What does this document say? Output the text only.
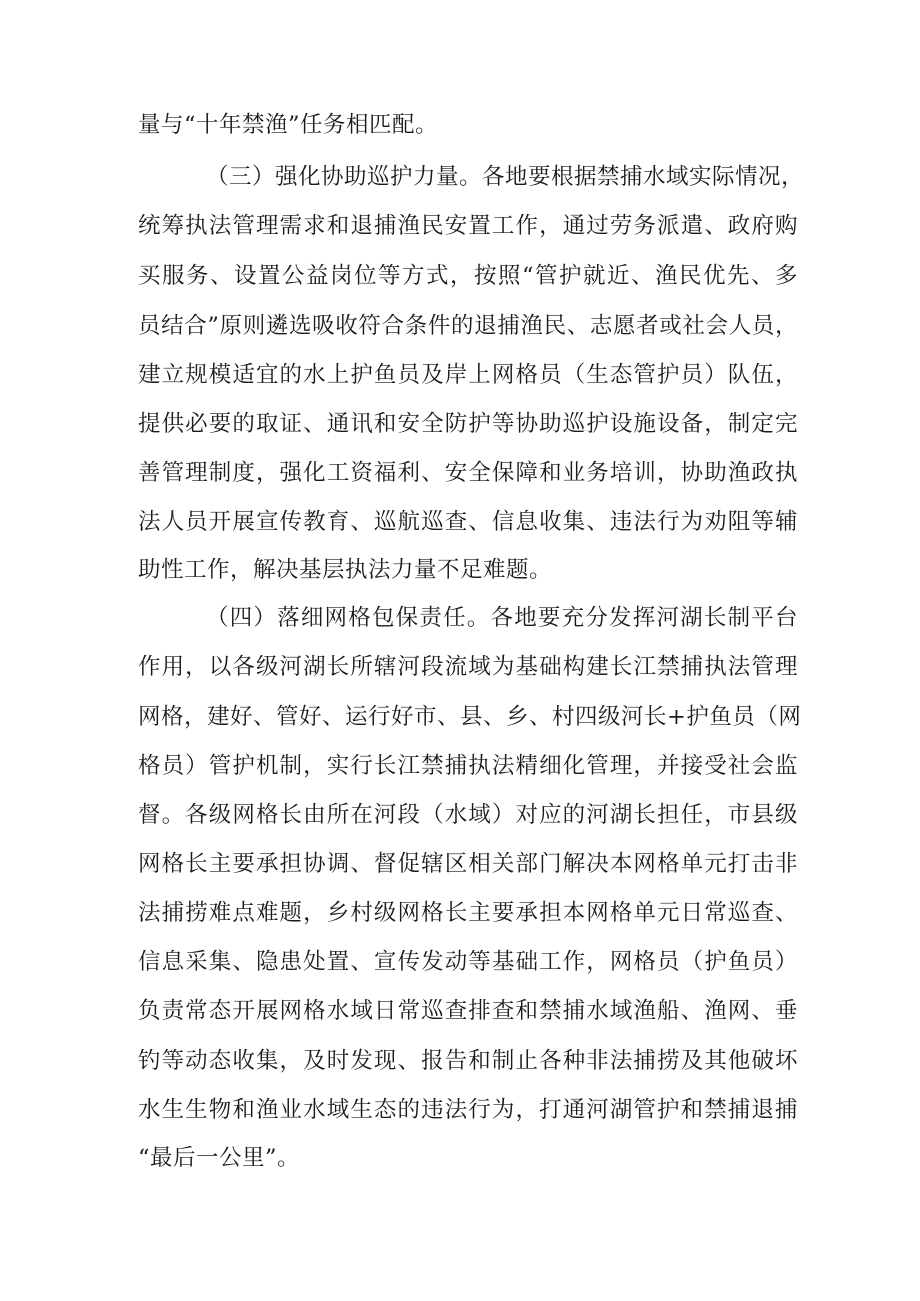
量与“十年禁渔”任务相匹配。
（三）强化协助巡护力量。各地要根据禁捕水域实际情况，
统筹执法管理需求和退捕渔民安置工作，通过劳务派遣、政府购
买服务、设置公益岗位等方式，按照“管护就近、渔民优先、多
员结合”原则遴选吸收符合条件的退捕渔民、志愿者或社会人员，
建立规模适宜的水上护鱼员及岸上网格员（生态管护员）队伍，
提供必要的取证、通讯和安全防护等协助巡护设施设备，制定完
善管理制度，强化工资福利、安全保障和业务培训，协助渔政执
法人员开展宣传教育、巡航巡查、信息收集、违法行为劝阻等辅
助性工作，解决基层执法力量不足难题。
（四）落细网格包保责任。各地要充分发挥河湖长制平台
作用，以各级河湖长所辖河段流域为基础构建长江禁捕执法管理
网格，建好、管好、运行好市、县、乡、村四级河长+护鱼员（网
格员）管护机制，实行长江禁捕执法精细化管理，并接受社会监
督。各级网格长由所在河段（水域）对应的河湖长担任，市县级
网格长主要承担协调、督促辖区相关部门解决本网格单元打击非
法捕捞难点难题，乡村级网格长主要承担本网格单元日常巡查、
信息采集、隐患处置、宣传发动等基础工作，网格员（护鱼员）
负责常态开展网格水域日常巡查排查和禁捕水域渔船、渔网、垂
钓等动态收集，及时发现、报告和制止各种非法捕捞及其他破坏
水生生物和渔业水域生态的违法行为，打通河湖管护和禁捕退捕
“最后一公里”。
